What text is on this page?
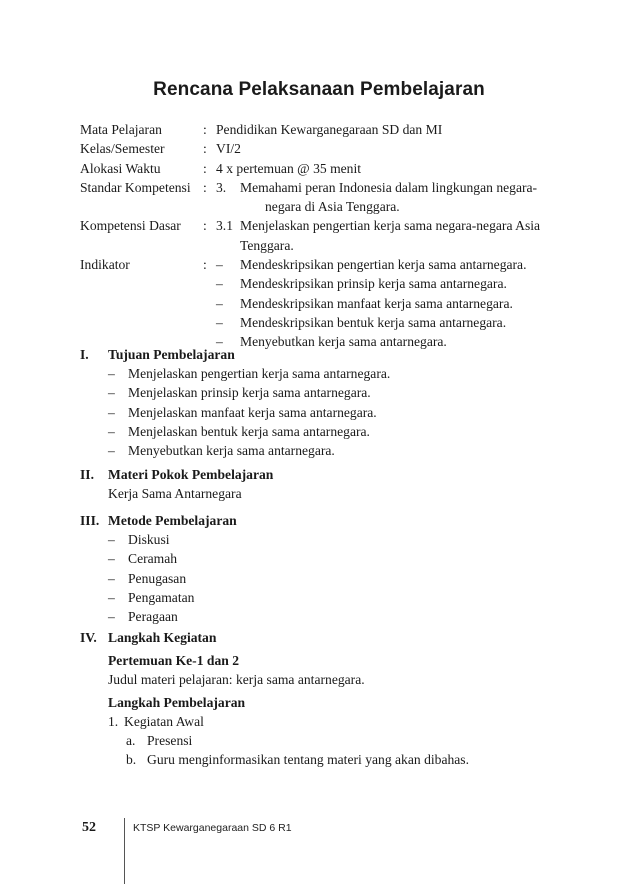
Rencana Pelaksanaan Pembelajaran
Mata Pelajaran	: Pendidikan Kewarganegaraan SD dan MI
Kelas/Semester	: VI/2
Alokasi Waktu	: 4 x pertemuan @ 35 menit
Standar Kompetensi : 3. Memahami peran Indonesia dalam lingkungan negara-
negara di Asia Tenggara.
Kompetensi Dasar : 3.1 Menjelaskan pengertian kerja sama negara-negara Asia
Tenggara.
Indikator	: – Mendeskripsikan pengertian kerja sama antarnegara.
– Mendeskripsikan prinsip kerja sama antarnegara.
– Mendeskripsikan manfaat kerja sama antarnegara.
– Mendeskripsikan bentuk kerja sama antarnegara.
– Menyebutkan kerja sama antarnegara.
I. Tujuan Pembelajaran
– Menjelaskan pengertian kerja sama antarnegara.
– Menjelaskan prinsip kerja sama antarnegara.
– Menjelaskan manfaat kerja sama antarnegara.
– Menjelaskan bentuk kerja sama antarnegara.
– Menyebutkan kerja sama antarnegara.
II. Materi Pokok Pembelajaran
Kerja Sama Antarnegara
III. Metode Pembelajaran
– Diskusi
– Ceramah
– Penugasan
– Pengamatan
– Peragaan
IV. Langkah Kegiatan
Pertemuan Ke-1 dan 2
Judul materi pelajaran: kerja sama antarnegara.
Langkah Pembelajaran
1. Kegiatan Awal
a. Presensi
b. Guru menginformasikan tentang materi yang akan dibahas.
52	KTSP Kewarganegaraan SD 6 R1
